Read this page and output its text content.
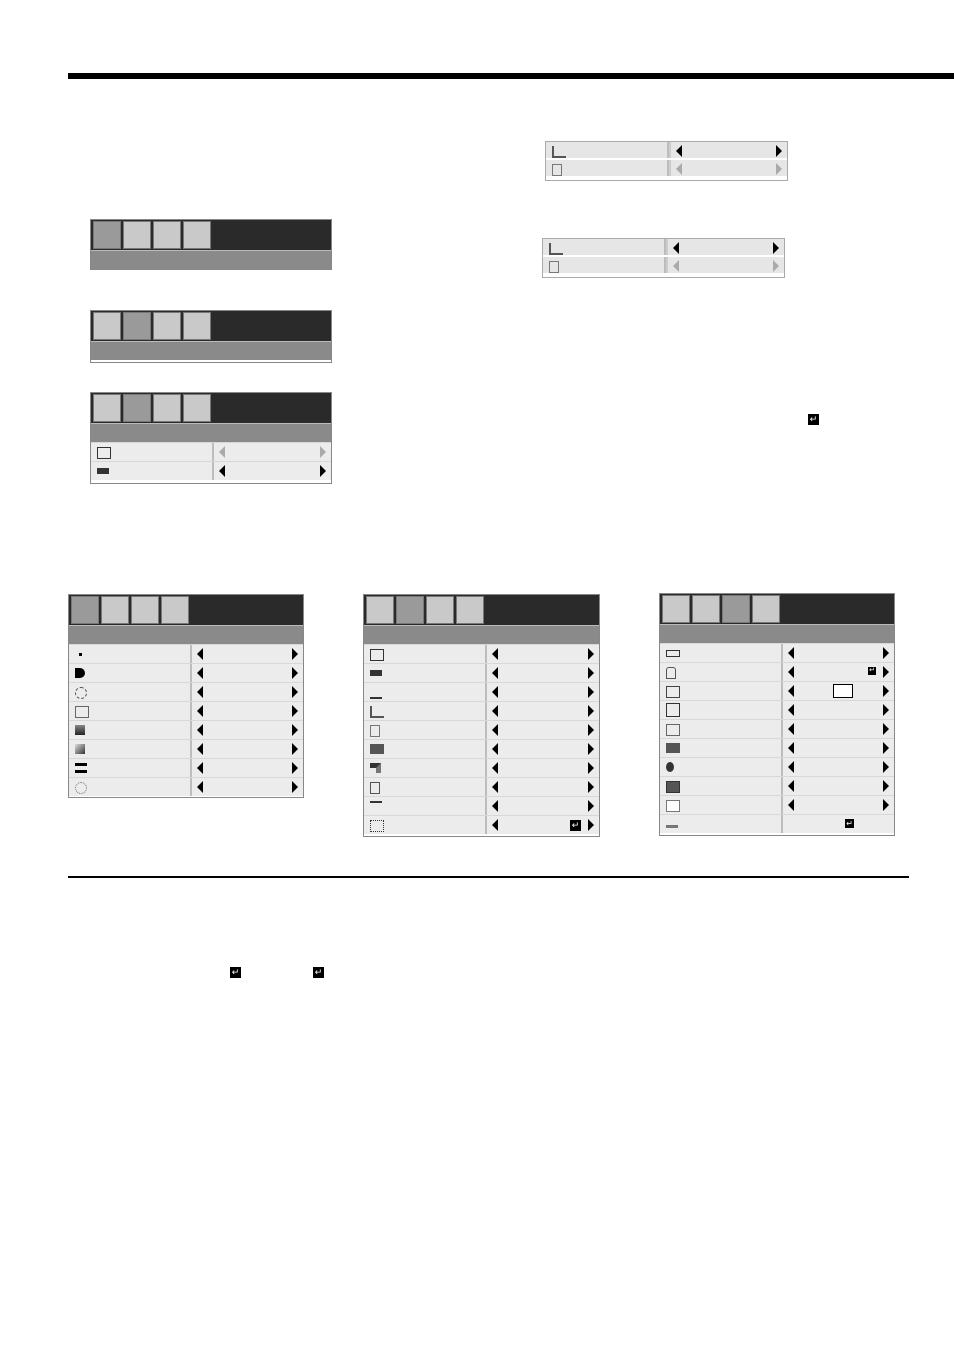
↵
↵
↵
↵
↵	↵
